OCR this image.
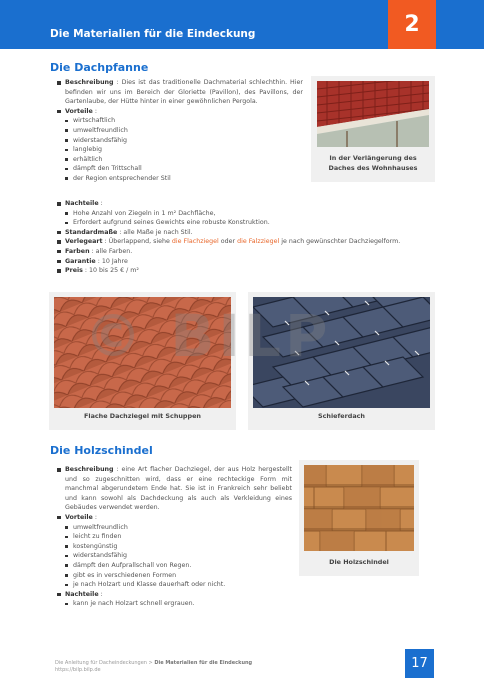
Die Materialien für die Eindeckung	2
Die Dachpfanne
Beschreibung : Dies ist das traditionelle Dachmaterial schlechthin. Hier befinden wir uns im Bereich der Gloriette (Pavillon), des Pavillons, der Gartenlaube, der Hütte hinter in einer gewöhnlichen Pergola.
Vorteile :
wirtschaftlich
umweltfreundlich
widerstandsfähig
langlebig
erhältlich
dämpft den Trittschall
der Region entsprechender Stil
Nachteile :
Hohe Anzahl von Ziegeln in 1 m² Dachfläche,
Erfordert aufgrund seines Gewichts eine robuste Konstruktion.
Standardmaße : alle Maße je nach Stil.
Verlegeart : Überlappend, siehe die Flachziegel oder die Falzziegel je nach gewünschter Dachziegelform.
Farben : alle Farben.
Garantie : 10 Jahre
Preis : 10 bis 25 € / m²
In der Verlängerung des Daches des Wohnhauses
Flache Dachziegel mit Schuppen	Schieferdach
© BILP
Die Holzschindel
Beschreibung : eine Art flacher Dachziegel, der aus Holz hergestellt und so zugeschnitten wird, dass er eine rechteckige Form mit manchmal abgerundetem Ende hat. Sie ist in Frankreich sehr beliebt und kann sowohl als Dachdeckung als auch als Verkleidung eines Gebäudes verwendet werden.
Vorteile :
umweltfreundlich
leicht zu finden
kostengünstig
widerstandsfähig
dämpft den Aufprallschall von Regen.
gibt es in verschiedenen Formen
je nach Holzart und Klasse dauerhaft oder nicht.
Nachteile :
kann je nach Holzart schnell ergrauen.
Die Holzschindel
Die Anleitung für Dacheindeckungen > Die Materialien für die Eindeckung
https://bilp.bilp.de	17
